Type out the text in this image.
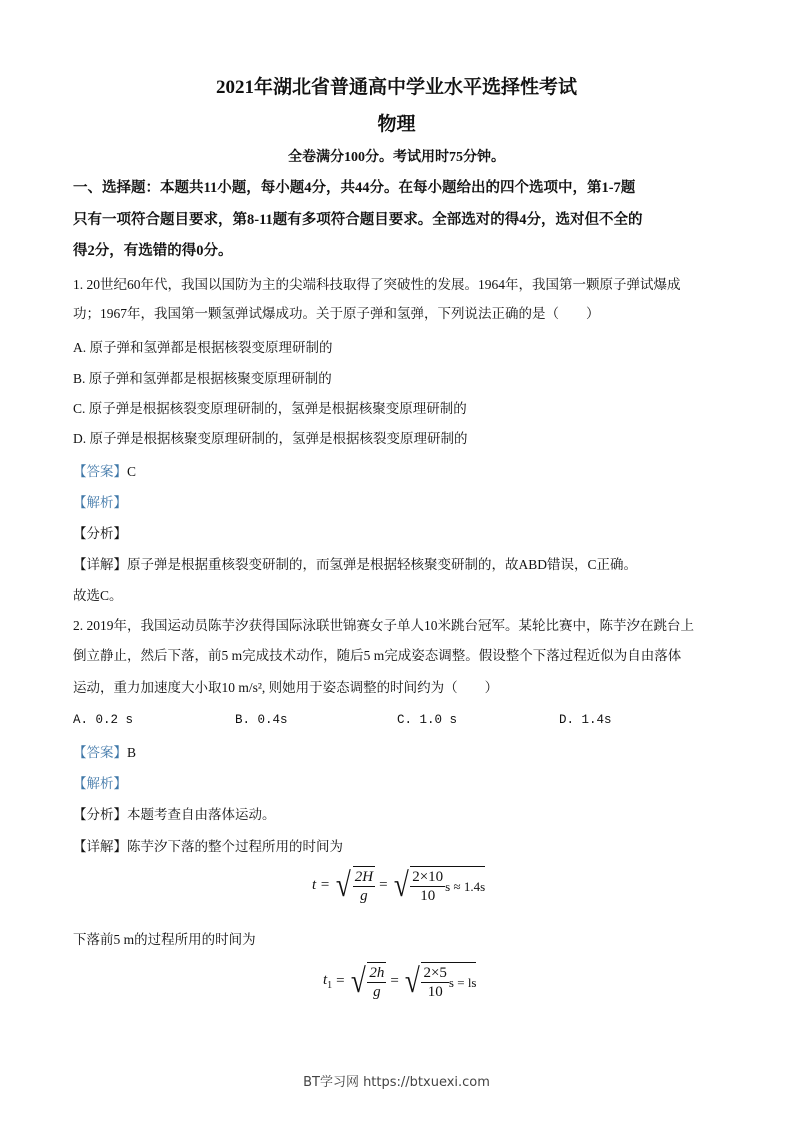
2021年湖北省普通高中学业水平选择性考试
物理
全卷满分100分。考试用时75分钟。
一、选择题：本题共11小题，每小题4分，共44分。在每小题给出的四个选项中，第1-7题
只有一项符合题目要求，第8-11题有多项符合题目要求。全部选对的得4分，选对但不全的
得2分，有选错的得0分。
1. 20世纪60年代，我国以国防为主的尖端科技取得了突破性的发展。1964年，我国第一颗原子弹试爆成
功；1967年，我国第一颗氢弹试爆成功。关于原子弹和氢弹，下列说法正确的是（　　）
A. 原子弹和氢弹都是根据核裂变原理研制的
B. 原子弹和氢弹都是根据核聚变原理研制的
C. 原子弹是根据核裂变原理研制的，氢弹是根据核聚变原理研制的
D. 原子弹是根据核聚变原理研制的，氢弹是根据核裂变原理研制的
【答案】C
【解析】
【分析】
【详解】原子弹是根据重核裂变研制的，而氢弹是根据轻核聚变研制的，故ABD错误，C正确。
故选C。
2. 2019年，我国运动员陈芋汐获得国际泳联世锦赛女子单人10米跳台冠军。某轮比赛中，陈芋汐在跳台上
倒立静止，然后下落，前5 m完成技术动作，随后5 m完成姿态调整。假设整个下落过程近似为自由落体
运动，重力加速度大小取10 m/s², 则她用于姿态调整的时间约为（　　）
A. 0.2 s	B. 0.4s	C. 1.0 s	D. 1.4s
【答案】B
【解析】
【分析】本题考查自由落体运动。
【详解】陈芋汐下落的整个过程所用的时间为
t = √ $\frac{2H}{g}$ = √ $\frac{2\times 10}{10}$ s ≈ 1.4s
下落前5 m的过程所用的时间为
$t_1$ = √ $\frac{2h}{g}$ = √ $\frac{2\times 5}{10}$ s = ls
BT学习网 https://btxuexi.com
